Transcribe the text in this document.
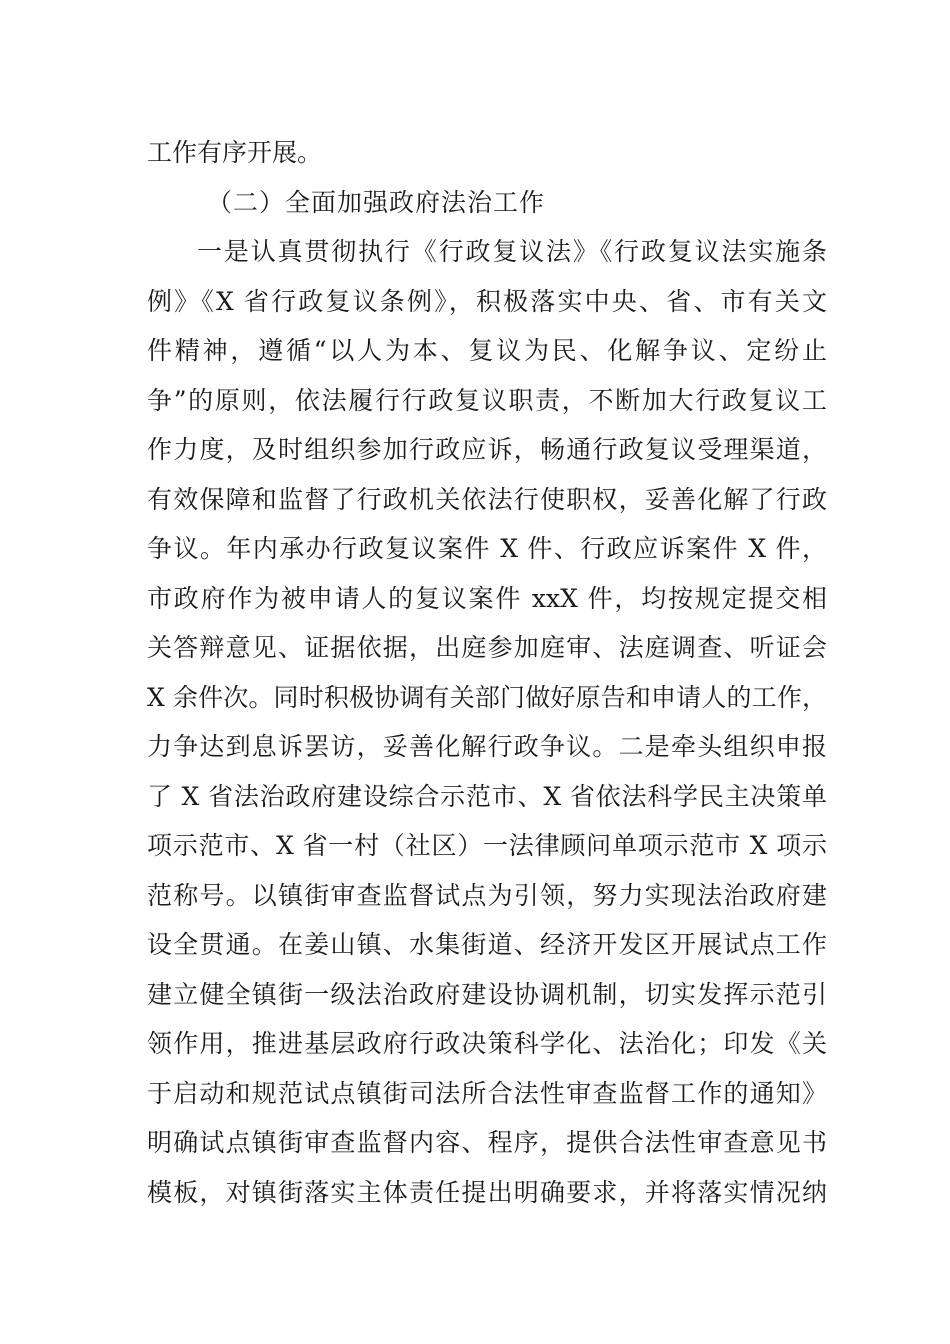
工作有序开展。
（二）全面加强政府法治工作
一是认真贯彻执行《行政复议法》《行政复议法实施条
例》《X 省行政复议条例》，积极落实中央、省、市有关文
件精神，遵循“以人为本、复议为民、化解争议、定纷止
争”的原则，依法履行行政复议职责，不断加大行政复议工
作力度，及时组织参加行政应诉，畅通行政复议受理渠道，
有效保障和监督了行政机关依法行使职权，妥善化解了行政
争议。年内承办行政复议案件 X 件、行政应诉案件 X 件，
市政府作为被申请人的复议案件 xxX 件，均按规定提交相
关答辩意见、证据依据，出庭参加庭审、法庭调查、听证会
X 余件次。同时积极协调有关部门做好原告和申请人的工作，
力争达到息诉罢访，妥善化解行政争议。二是牵头组织申报
了 X 省法治政府建设综合示范市、X 省依法科学民主决策单
项示范市、X 省一村（社区）一法律顾问单项示范市 X 项示
范称号。以镇街审查监督试点为引领，努力实现法治政府建
设全贯通。在姜山镇、水集街道、经济开发区开展试点工作
建立健全镇街一级法治政府建设协调机制，切实发挥示范引
领作用，推进基层政府行政决策科学化、法治化；印发《关
于启动和规范试点镇街司法所合法性审查监督工作的通知》
明确试点镇街审查监督内容、程序，提供合法性审查意见书
模板，对镇街落实主体责任提出明确要求，并将落实情况纳
